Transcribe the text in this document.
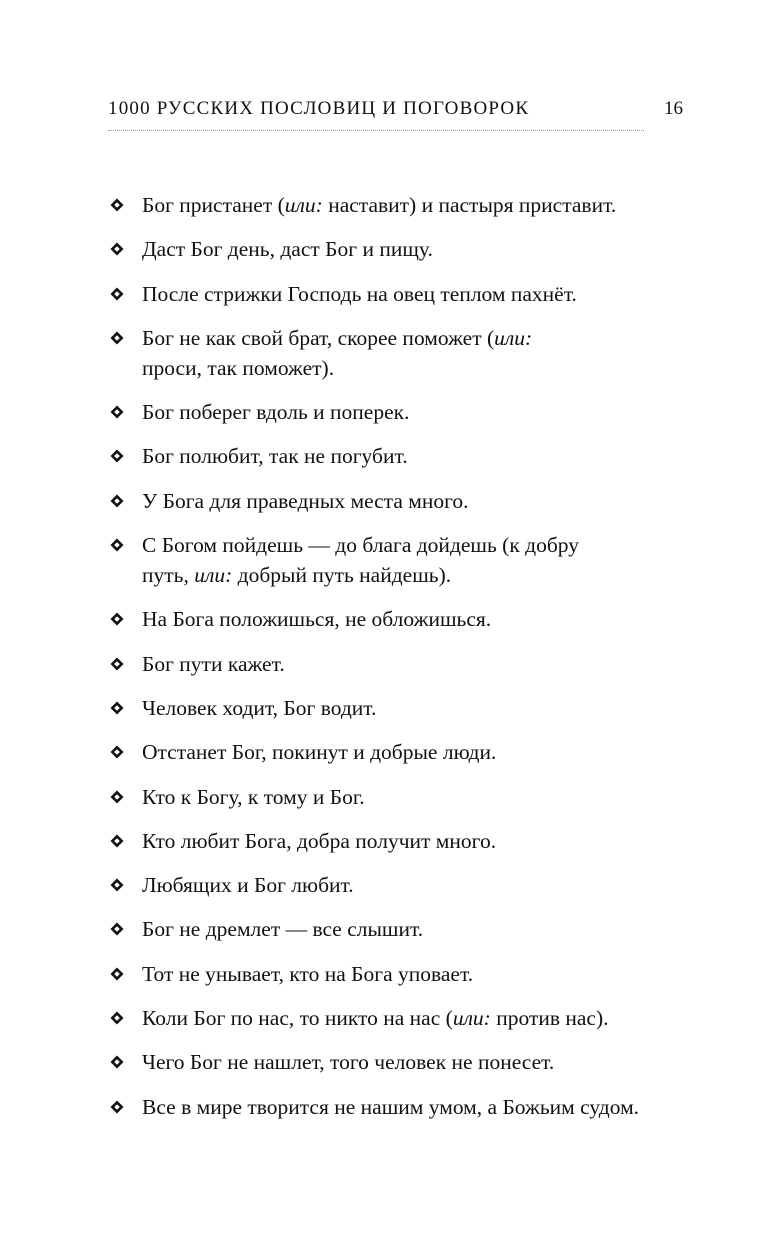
1000 РУССКИХ ПОСЛОВИЦ И ПОГОВОРОК	16
Бог пристанет (или: наставит) и пастыря приставит.
Даст Бог день, даст Бог и пищу.
После стрижки Господь на овец теплом пахнёт.
Бог не как свой брат, скорее поможет (или:
проси, так поможет).
Бог поберег вдоль и поперек.
Бог полюбит, так не погубит.
У Бога для праведных места много.
С Богом пойдешь — до блага дойдешь (к добру
путь, или: добрый путь найдешь).
На Бога положишься, не обложишься.
Бог пути кажет.
Человек ходит, Бог водит.
Отстанет Бог, покинут и добрые люди.
Кто к Богу, к тому и Бог.
Кто любит Бога, добра получит много.
Любящих и Бог любит.
Бог не дремлет — все слышит.
Тот не унывает, кто на Бога уповает.
Коли Бог по нас, то никто на нас (или: против нас).
Чего Бог не нашлет, того человек не понесет.
Все в мире творится не нашим умом, а Божьим судом.
